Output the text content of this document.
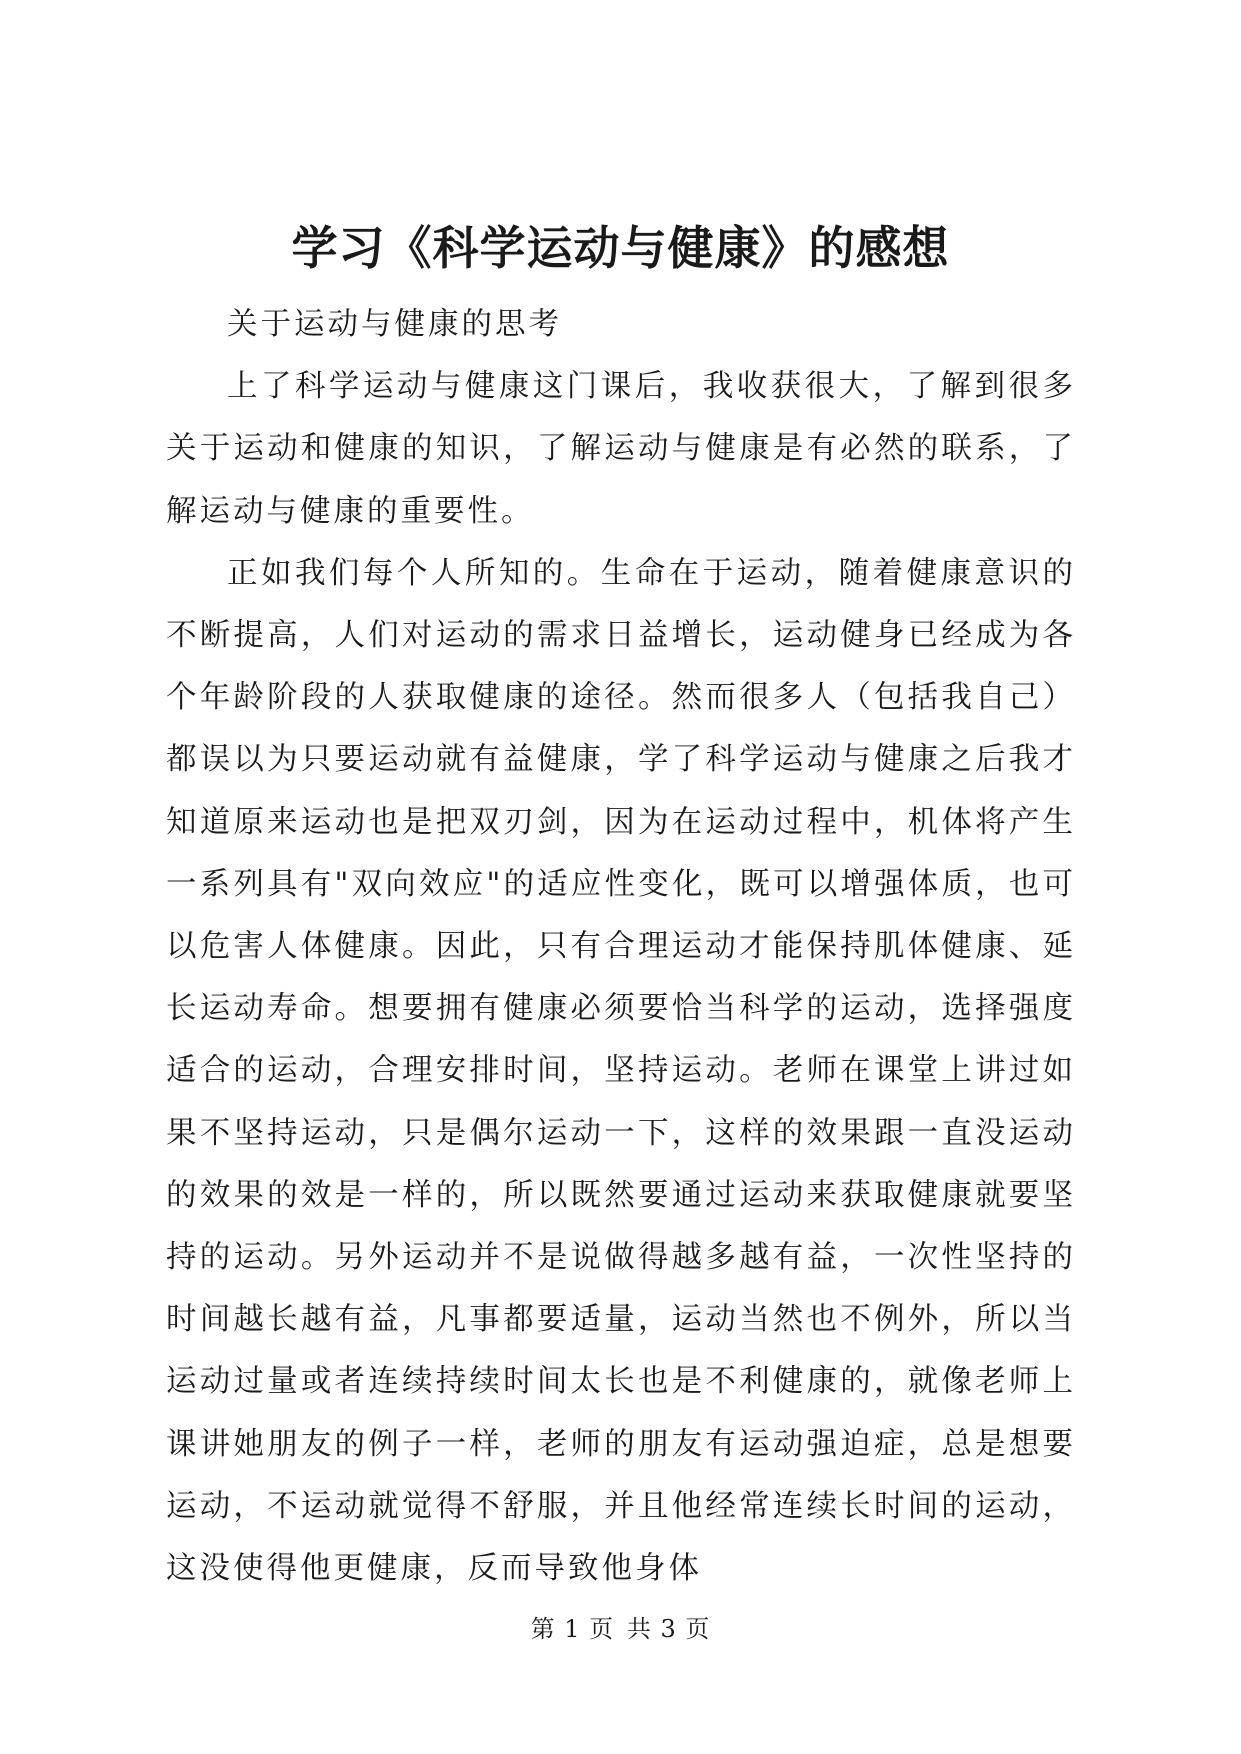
学习《科学运动与健康》的感想

关于运动与健康的思考

上了科学运动与健康这门课后，我收获很大，了解到很多关于运动和健康的知识，了解运动与健康是有必然的联系，了解运动与健康的重要性。

正如我们每个人所知的。生命在于运动，随着健康意识的不断提高，人们对运动的需求日益增长，运动健身已经成为各个年龄阶段的人获取健康的途径。然而很多人（包括我自己）都误以为只要运动就有益健康，学了科学运动与健康之后我才知道原来运动也是把双刃剑，因为在运动过程中，机体将产生一系列具有"双向效应"的适应性变化，既可以增强体质，也可以危害人体健康。因此，只有合理运动才能保持肌体健康、延长运动寿命。想要拥有健康必须要恰当科学的运动，选择强度适合的运动，合理安排时间，坚持运动。老师在课堂上讲过如果不坚持运动，只是偶尔运动一下，这样的效果跟一直没运动的效果的效是一样的，所以既然要通过运动来获取健康就要坚持的运动。另外运动并不是说做得越多越有益，一次性坚持的时间越长越有益，凡事都要适量，运动当然也不例外，所以当运动过量或者连续持续时间太长也是不利健康的，就像老师上课讲她朋友的例子一样，老师的朋友有运动强迫症，总是想要运动，不运动就觉得不舒服，并且他经常连续长时间的运动，这没使得他更健康，反而导致他身体

第 1 页 共 3 页
